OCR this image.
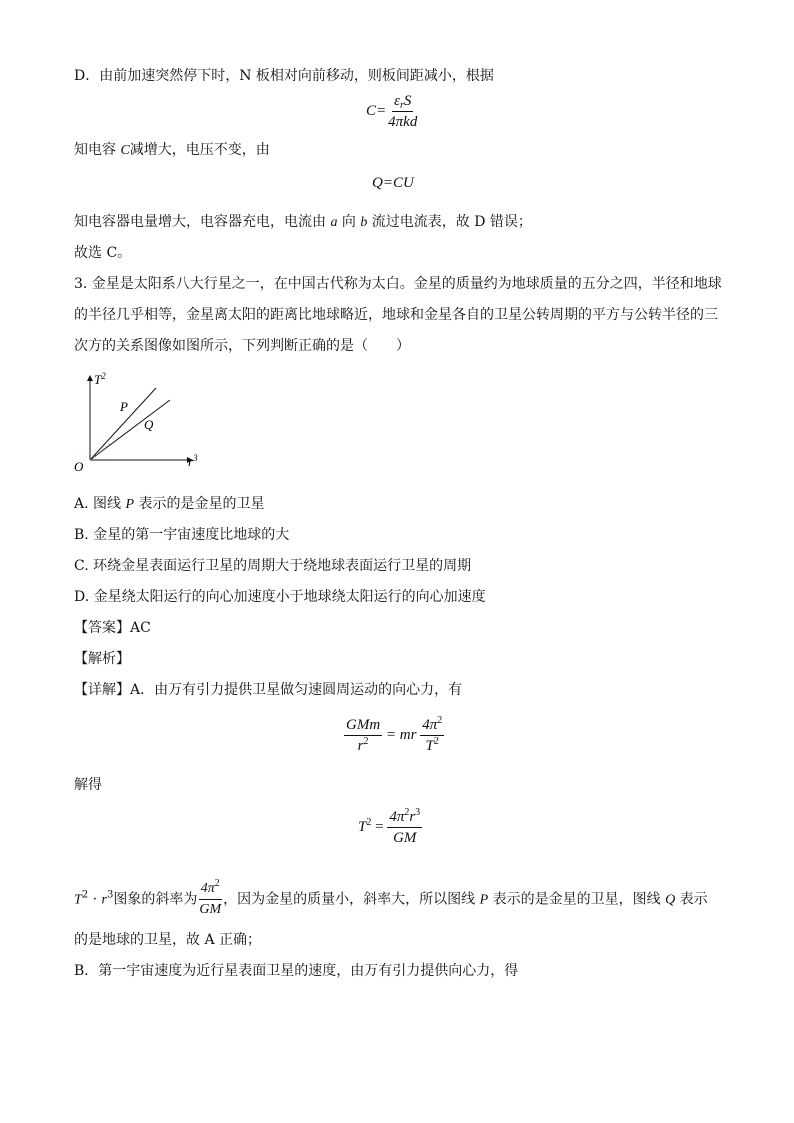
D．由前加速突然停下时，N 板相对向前移动，则板间距减小，根据
$C= \frac{\varepsilon_rS}{\text{4πkd}}$
知电容 C减增大，电压不变，由
Q=CU
知电容器电量增大，电容器充电，电流由 a 向 b 流过电流表，故 D 错误；
故选 C。
3. 金星是太阳系八大行星之一，在中国古代称为太白。金星的质量约为地球质量的五分之四，半径和地球
的半径几乎相等，金星离太阳的距离比地球略近，地球和金星各自的卫星公转周期的平方与公转半径的三
次方的关系图像如图所示，下列判断正确的是（　　）
$T^2$
$r^3$
O
P
Q
A. 图线 P 表示的是金星的卫星
B. 金星的第一宇宙速度比地球的大
C. 环绕金星表面运行卫星的周期大于绕地球表面运行卫星的周期
D. 金星绕太阳运行的向心加速度小于地球绕太阳运行的向心加速度
【答案】AC
【解析】
【详解】A．由万有引力提供卫星做匀速圆周运动的向心力，有
$\frac{\text{GMm}}{r^2}$ = mr $\frac{4\pi^2}{T^2}$
解得
$T^2 = \frac{4\pi^2r^3}{GM}$
$T^2 \cdot r^3$图象的斜率为 $\frac{4\pi^2}{GM}$ ，因为金星的质量小，斜率大，所以图线 P 表示的是金星的卫星，图线 Q 表示
的是地球的卫星，故 A 正确；
B．第一宇宙速度为近行星表面卫星的速度，由万有引力提供向心力，得
